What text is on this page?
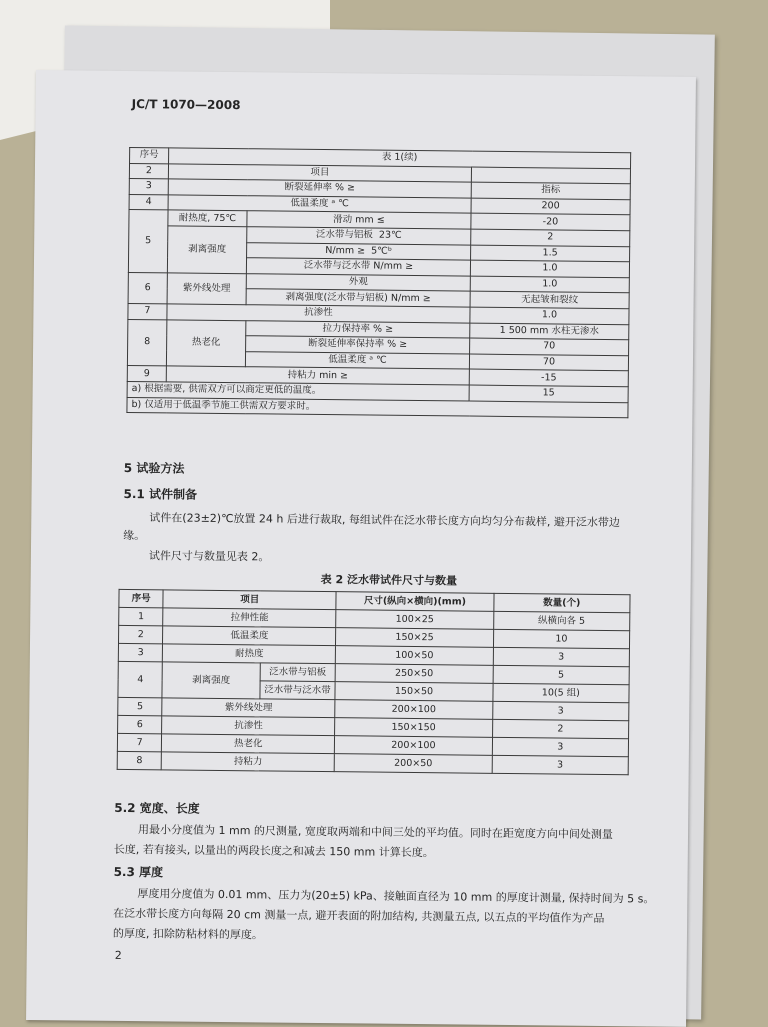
JC/T 1070—2008
序号	表 1(续)		
2	项目		
3	断裂延伸率 % ≥		指标
4	低温柔度 ᵃ ℃		200
5	耐热度, 75℃	滑动 mm ≤	-20
	剥离强度	泛水带与铝板 23℃	2
		N/mm ≥ 5℃ᵇ	1.5
		泛水带与泛水带 N/mm ≥	1.0
6	紫外线处理	外观	1.0
		剥离强度(泛水带与铝板) N/mm ≥	无起皱和裂纹
7	抗渗性		1.0
8	热老化	拉力保持率 % ≥	1 500 mm 水柱无渗水
		断裂延伸率保持率 % ≥	70
		低温柔度 ᵃ ℃	70
9	持粘力 min ≥		-15
a) 根据需要, 供需双方可以商定更低的温度。			15
b) 仅适用于低温季节施工供需双方要求时。			
5 试验方法
5.1 试件制备
试件在(23±2)℃放置 24 h 后进行裁取, 每组试件在泛水带长度方向均匀分布裁样, 避开泛水带边
缘。
试件尺寸与数量见表 2。
表 2 泛水带试件尺寸与数量
序号	项目		尺寸(纵向×横向)(mm)	数量(个)
1	拉伸性能		100×25	纵横向各 5
2	低温柔度		150×25	10
3	耐热度		100×50	3
4	剥离强度	泛水带与铝板	250×50	5
		泛水带与泛水带	150×50	10(5 组)
5	紫外线处理		200×100	3
6	抗渗性		150×150	2
7	热老化		200×100	3
8	持粘力		200×50	3
5.2 宽度、长度
用最小分度值为 1 mm 的尺测量, 宽度取两端和中间三处的平均值。同时在距宽度方向中间处测量
长度, 若有接头, 以量出的两段长度之和减去 150 mm 计算长度。
5.3 厚度
厚度用分度值为 0.01 mm、压力为(20±5) kPa、接触面直径为 10 mm 的厚度计测量, 保持时间为 5 s。
在泛水带长度方向每隔 20 cm 测量一点, 避开表面的附加结构, 共测量五点, 以五点的平均值作为产品
的厚度, 扣除防粘材料的厚度。
2
